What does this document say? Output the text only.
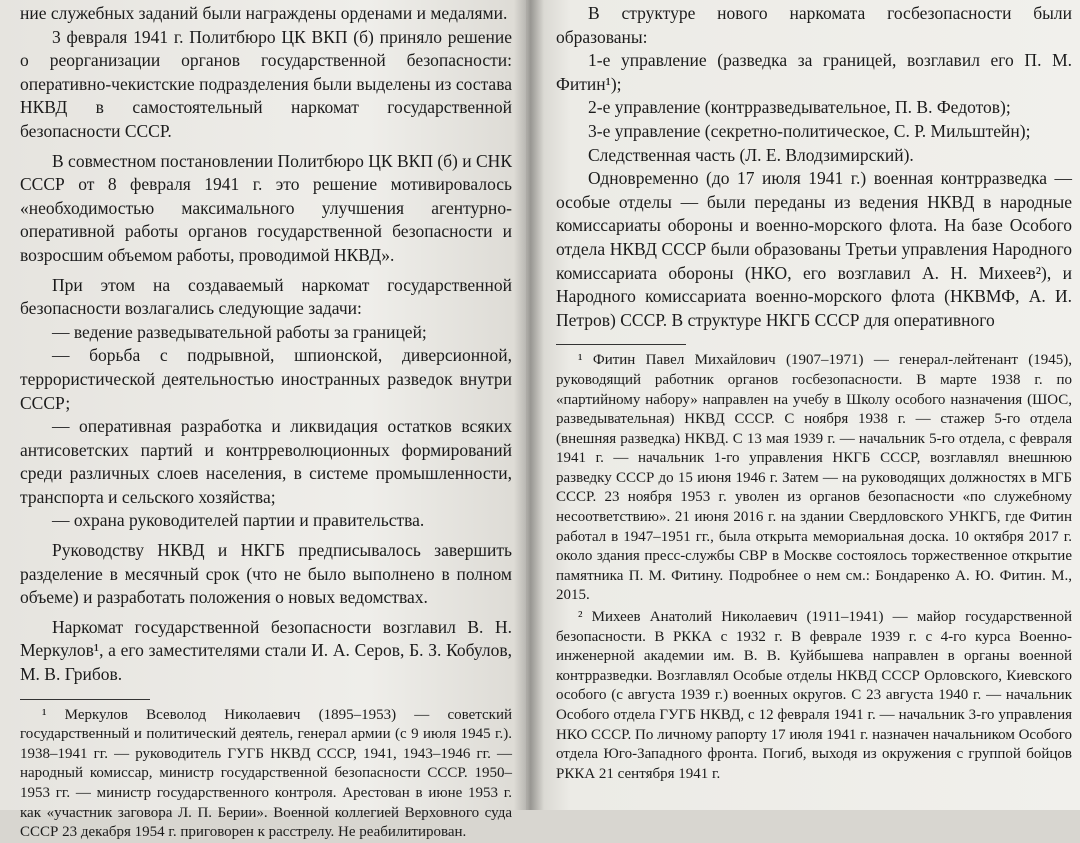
ние служебных заданий были награждены орденами и медалями.

3 февраля 1941 г. Политбюро ЦК ВКП (б) приняло решение о реорганизации органов государственной безопасности: оперативно-чекистские подразделения были выделены из состава НКВД в самостоятельный наркомат государственной безопасности СССР.

В совместном постановлении Политбюро ЦК ВКП (б) и СНК СССР от 8 февраля 1941 г. это решение мотивировалось «необходимостью максимального улучшения агентурно-оперативной работы органов государственной безопасности и возросшим объемом работы, проводимой НКВД».

При этом на создаваемый наркомат государственной безопасности возлагались следующие задачи:

— ведение разведывательной работы за границей;

— борьба с подрывной, шпионской, диверсионной, террористической деятельностью иностранных разведок внутри СССР;

— оперативная разработка и ликвидация остатков всяких антисоветских партий и контрреволюционных формирований среди различных слоев населения, в системе промышленности, транспорта и сельского хозяйства;

— охрана руководителей партии и правительства.

Руководству НКВД и НКГБ предписывалось завершить разделение в месячный срок (что не было выполнено в полном объеме) и разработать положения о новых ведомствах.

Наркомат государственной безопасности возглавил В. Н. Меркулов¹, а его заместителями стали И. А. Серов, Б. З. Кобулов, М. В. Грибов.

¹ Меркулов Всеволод Николаевич (1895–1953) — советский государственный и политический деятель, генерал армии (с 9 июля 1945 г.). 1938–1941 гг. — руководитель ГУГБ НКВД СССР, 1941, 1943–1946 гг. — народный комиссар, министр государственной безопасности СССР. 1950–1953 гг. — министр государственного контроля. Арестован в июне 1953 г. как «участник заговора Л. П. Берии». Военной коллегией Верховного суда СССР 23 декабря 1954 г. приговорен к расстрелу. Не реабилитирован.

В структуре нового наркомата госбезопасности были образованы:

1-е управление (разведка за границей, возглавил его П. М. Фитин¹);

2-е управление (контрразведывательное, П. В. Федотов);

3-е управление (секретно-политическое, С. Р. Мильштейн);

Следственная часть (Л. Е. Влодзимирский).

Одновременно (до 17 июля 1941 г.) военная контрразведка — особые отделы — были переданы из ведения НКВД в народные комиссариаты обороны и военно-морского флота. На базе Особого отдела НКВД СССР были образованы Третьи управления Народного комиссариата обороны (НКО, его возглавил А. Н. Михеев²), и Народного комиссариата военно-морского флота (НКВМФ, А. И. Петров) СССР. В структуре НКГБ СССР для оперативного

¹ Фитин Павел Михайлович (1907–1971) — генерал-лейтенант (1945), руководящий работник органов госбезопасности. В марте 1938 г. по «партийному набору» направлен на учебу в Школу особого назначения (ШОС, разведывательная) НКВД СССР. С ноября 1938 г. — стажер 5-го отдела (внешняя разведка) НКВД. С 13 мая 1939 г. — начальник 5-го отдела, с февраля 1941 г. — начальник 1-го управления НКГБ СССР, возглавлял внешнюю разведку СССР до 15 июня 1946 г. Затем — на руководящих должностях в МГБ СССР. 23 ноября 1953 г. уволен из органов безопасности «по служебному несоответствию». 21 июня 2016 г. на здании Свердловского УНКГБ, где Фитин работал в 1947–1951 гг., была открыта мемориальная доска. 10 октября 2017 г. около здания пресс-службы СВР в Москве состоялось торжественное открытие памятника П. М. Фитину. Подробнее о нем см.: Бондаренко А. Ю. Фитин. М., 2015.

² Михеев Анатолий Николаевич (1911–1941) — майор государственной безопасности. В РККА с 1932 г. В феврале 1939 г. с 4-го курса Военно-инженерной академии им. В. В. Куйбышева направлен в органы военной контрразведки. Возглавлял Особые отделы НКВД СССР Орловского, Киевского особого (с августа 1939 г.) военных округов. С 23 августа 1940 г. — начальник Особого отдела ГУГБ НКВД, с 12 февраля 1941 г. — начальник 3-го управления НКО СССР. По личному рапорту 17 июля 1941 г. назначен начальником Особого отдела Юго-Западного фронта. Погиб, выходя из окружения с группой бойцов РККА 21 сентября 1941 г.
